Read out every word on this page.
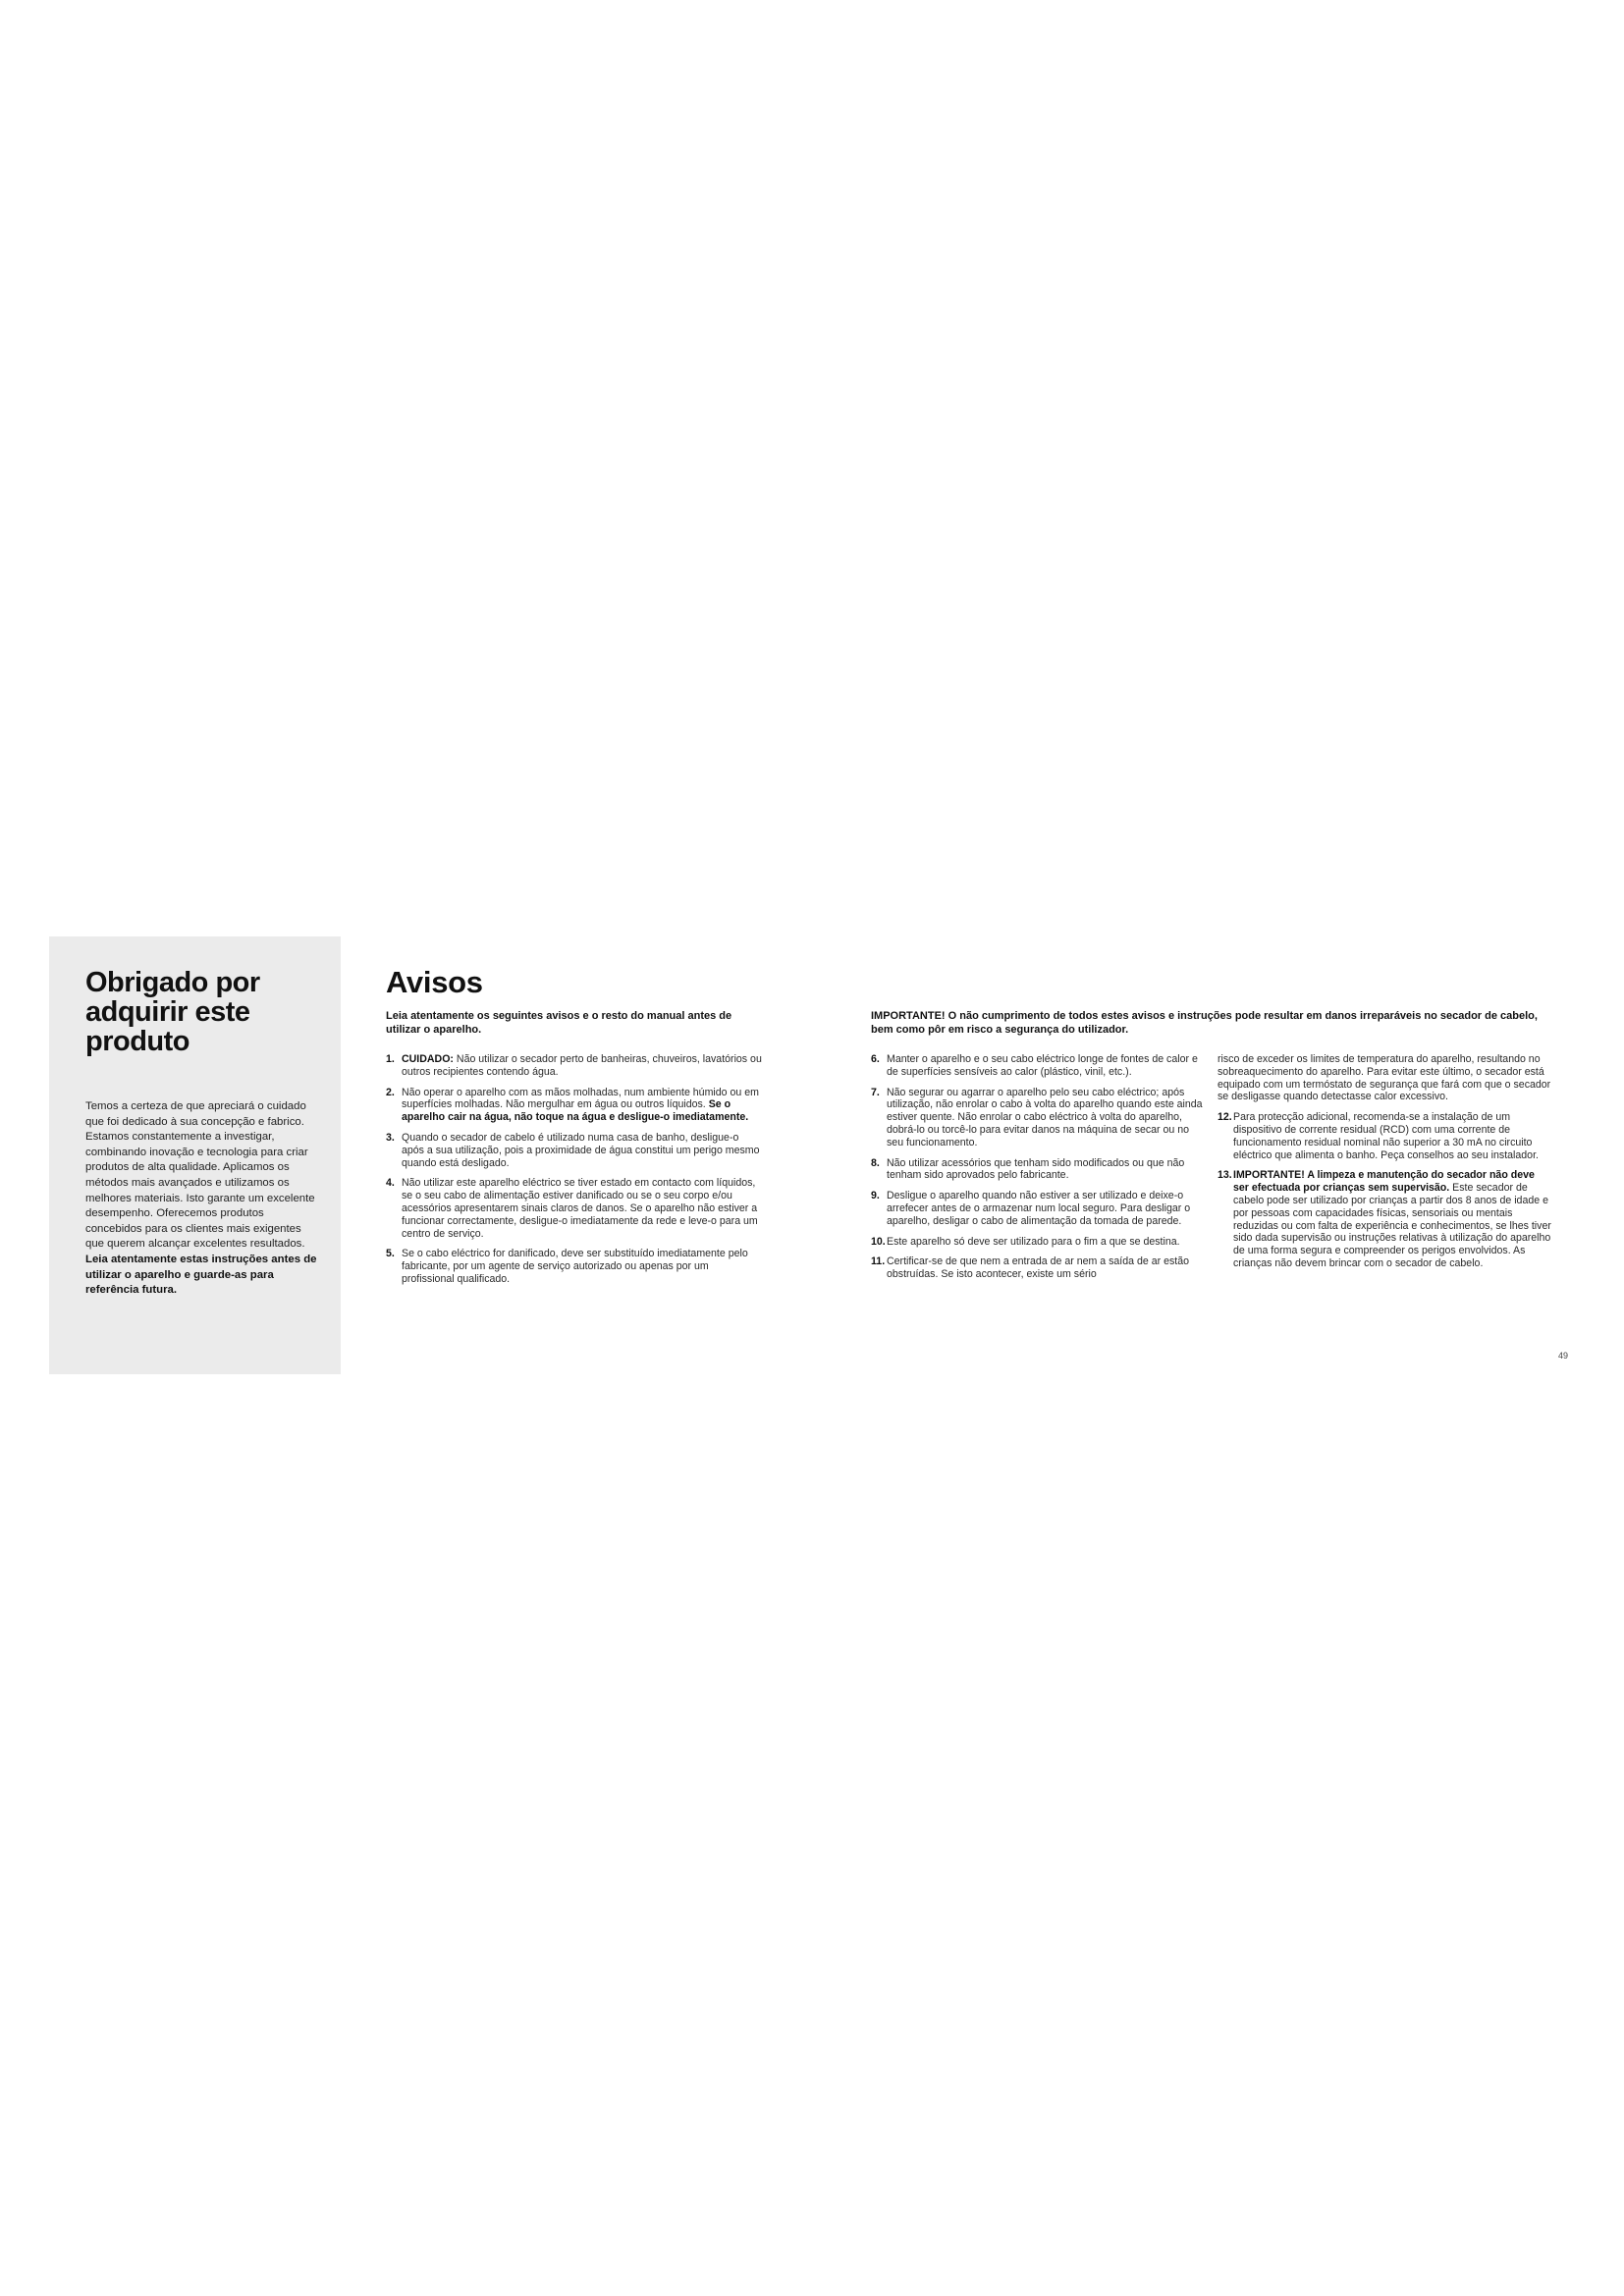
Obrigado por adquirir este produto

Temos a certeza de que apreciará o cuidado que foi dedicado à sua concepção e fabrico. Estamos constantemente a investigar, combinando inovação e tecnologia para criar produtos de alta qualidade. Aplicamos os métodos mais avançados e utilizamos os melhores materiais. Isto garante um excelente desempenho. Oferecemos produtos concebidos para os clientes mais exigentes que querem alcançar excelentes resultados. Leia atentamente estas instruções antes de utilizar o aparelho e guarde-as para referência futura.

Avisos

Leia atentamente os seguintes avisos e o resto do manual antes de utilizar o aparelho.

IMPORTANTE! O não cumprimento de todos estes avisos e instruções pode resultar em danos irreparáveis no secador de cabelo, bem como pôr em risco a segurança do utilizador.

1. CUIDADO: Não utilizar o secador perto de banheiras, chuveiros, lavatórios ou outros recipientes contendo água.
2. Não operar o aparelho com as mãos molhadas, num ambiente húmido ou em superfícies molhadas. Não mergulhar em água ou outros líquidos. Se o aparelho cair na água, não toque na água e desligue-o imediatamente.
3. Quando o secador de cabelo é utilizado numa casa de banho, desligue-o após a sua utilização, pois a proximidade de água constitui um perigo mesmo quando está desligado.
4. Não utilizar este aparelho eléctrico se tiver estado em contacto com líquidos, se o seu cabo de alimentação estiver danificado ou se o seu corpo e/ou acessórios apresentarem sinais claros de danos. Se o aparelho não estiver a funcionar correctamente, desligue-o imediatamente da rede e leve-o para um centro de serviço.
5. Se o cabo eléctrico for danificado, deve ser substituído imediatamente pelo fabricante, por um agente de serviço autorizado ou apenas por um profissional qualificado.
6. Manter o aparelho e o seu cabo eléctrico longe de fontes de calor e de superfícies sensíveis ao calor (plástico, vinil, etc.).
7. Não segurar ou agarrar o aparelho pelo seu cabo eléctrico; após utilização, não enrolar o cabo à volta do aparelho quando este ainda estiver quente. Não enrolar o cabo eléctrico à volta do aparelho, dobrá-lo ou torcê-lo para evitar danos na máquina de secar ou no seu funcionamento.
8. Não utilizar acessórios que tenham sido modificados ou que não tenham sido aprovados pelo fabricante.
9. Desligue o aparelho quando não estiver a ser utilizado e deixe-o arrefecer antes de o armazenar num local seguro. Para desligar o aparelho, desligar o cabo de alimentação da tomada de parede.
10. Este aparelho só deve ser utilizado para o fim a que se destina.
11. Certificar-se de que nem a entrada de ar nem a saída de ar estão obstruídas. Se isto acontecer, existe um sério

risco de exceder os limites de temperatura do aparelho, resultando no sobreaquecimento do aparelho. Para evitar este último, o secador está equipado com um termóstato de segurança que fará com que o secador se desligasse quando detectasse calor excessivo.

12. Para protecção adicional, recomenda-se a instalação de um dispositivo de corrente residual (RCD) com uma corrente de funcionamento residual nominal não superior a 30 mA no circuito eléctrico que alimenta o banho. Peça conselhos ao seu instalador.
13. IMPORTANTE! A limpeza e manutenção do secador não deve ser efectuada por crianças sem supervisão. Este secador de cabelo pode ser utilizado por crianças a partir dos 8 anos de idade e por pessoas com capacidades físicas, sensoriais ou mentais reduzidas ou com falta de experiência e conhecimentos, se lhes tiver sido dada supervisão ou instruções relativas à utilização do aparelho de uma forma segura e compreender os perigos envolvidos. As crianças não devem brincar com o secador de cabelo.
49
